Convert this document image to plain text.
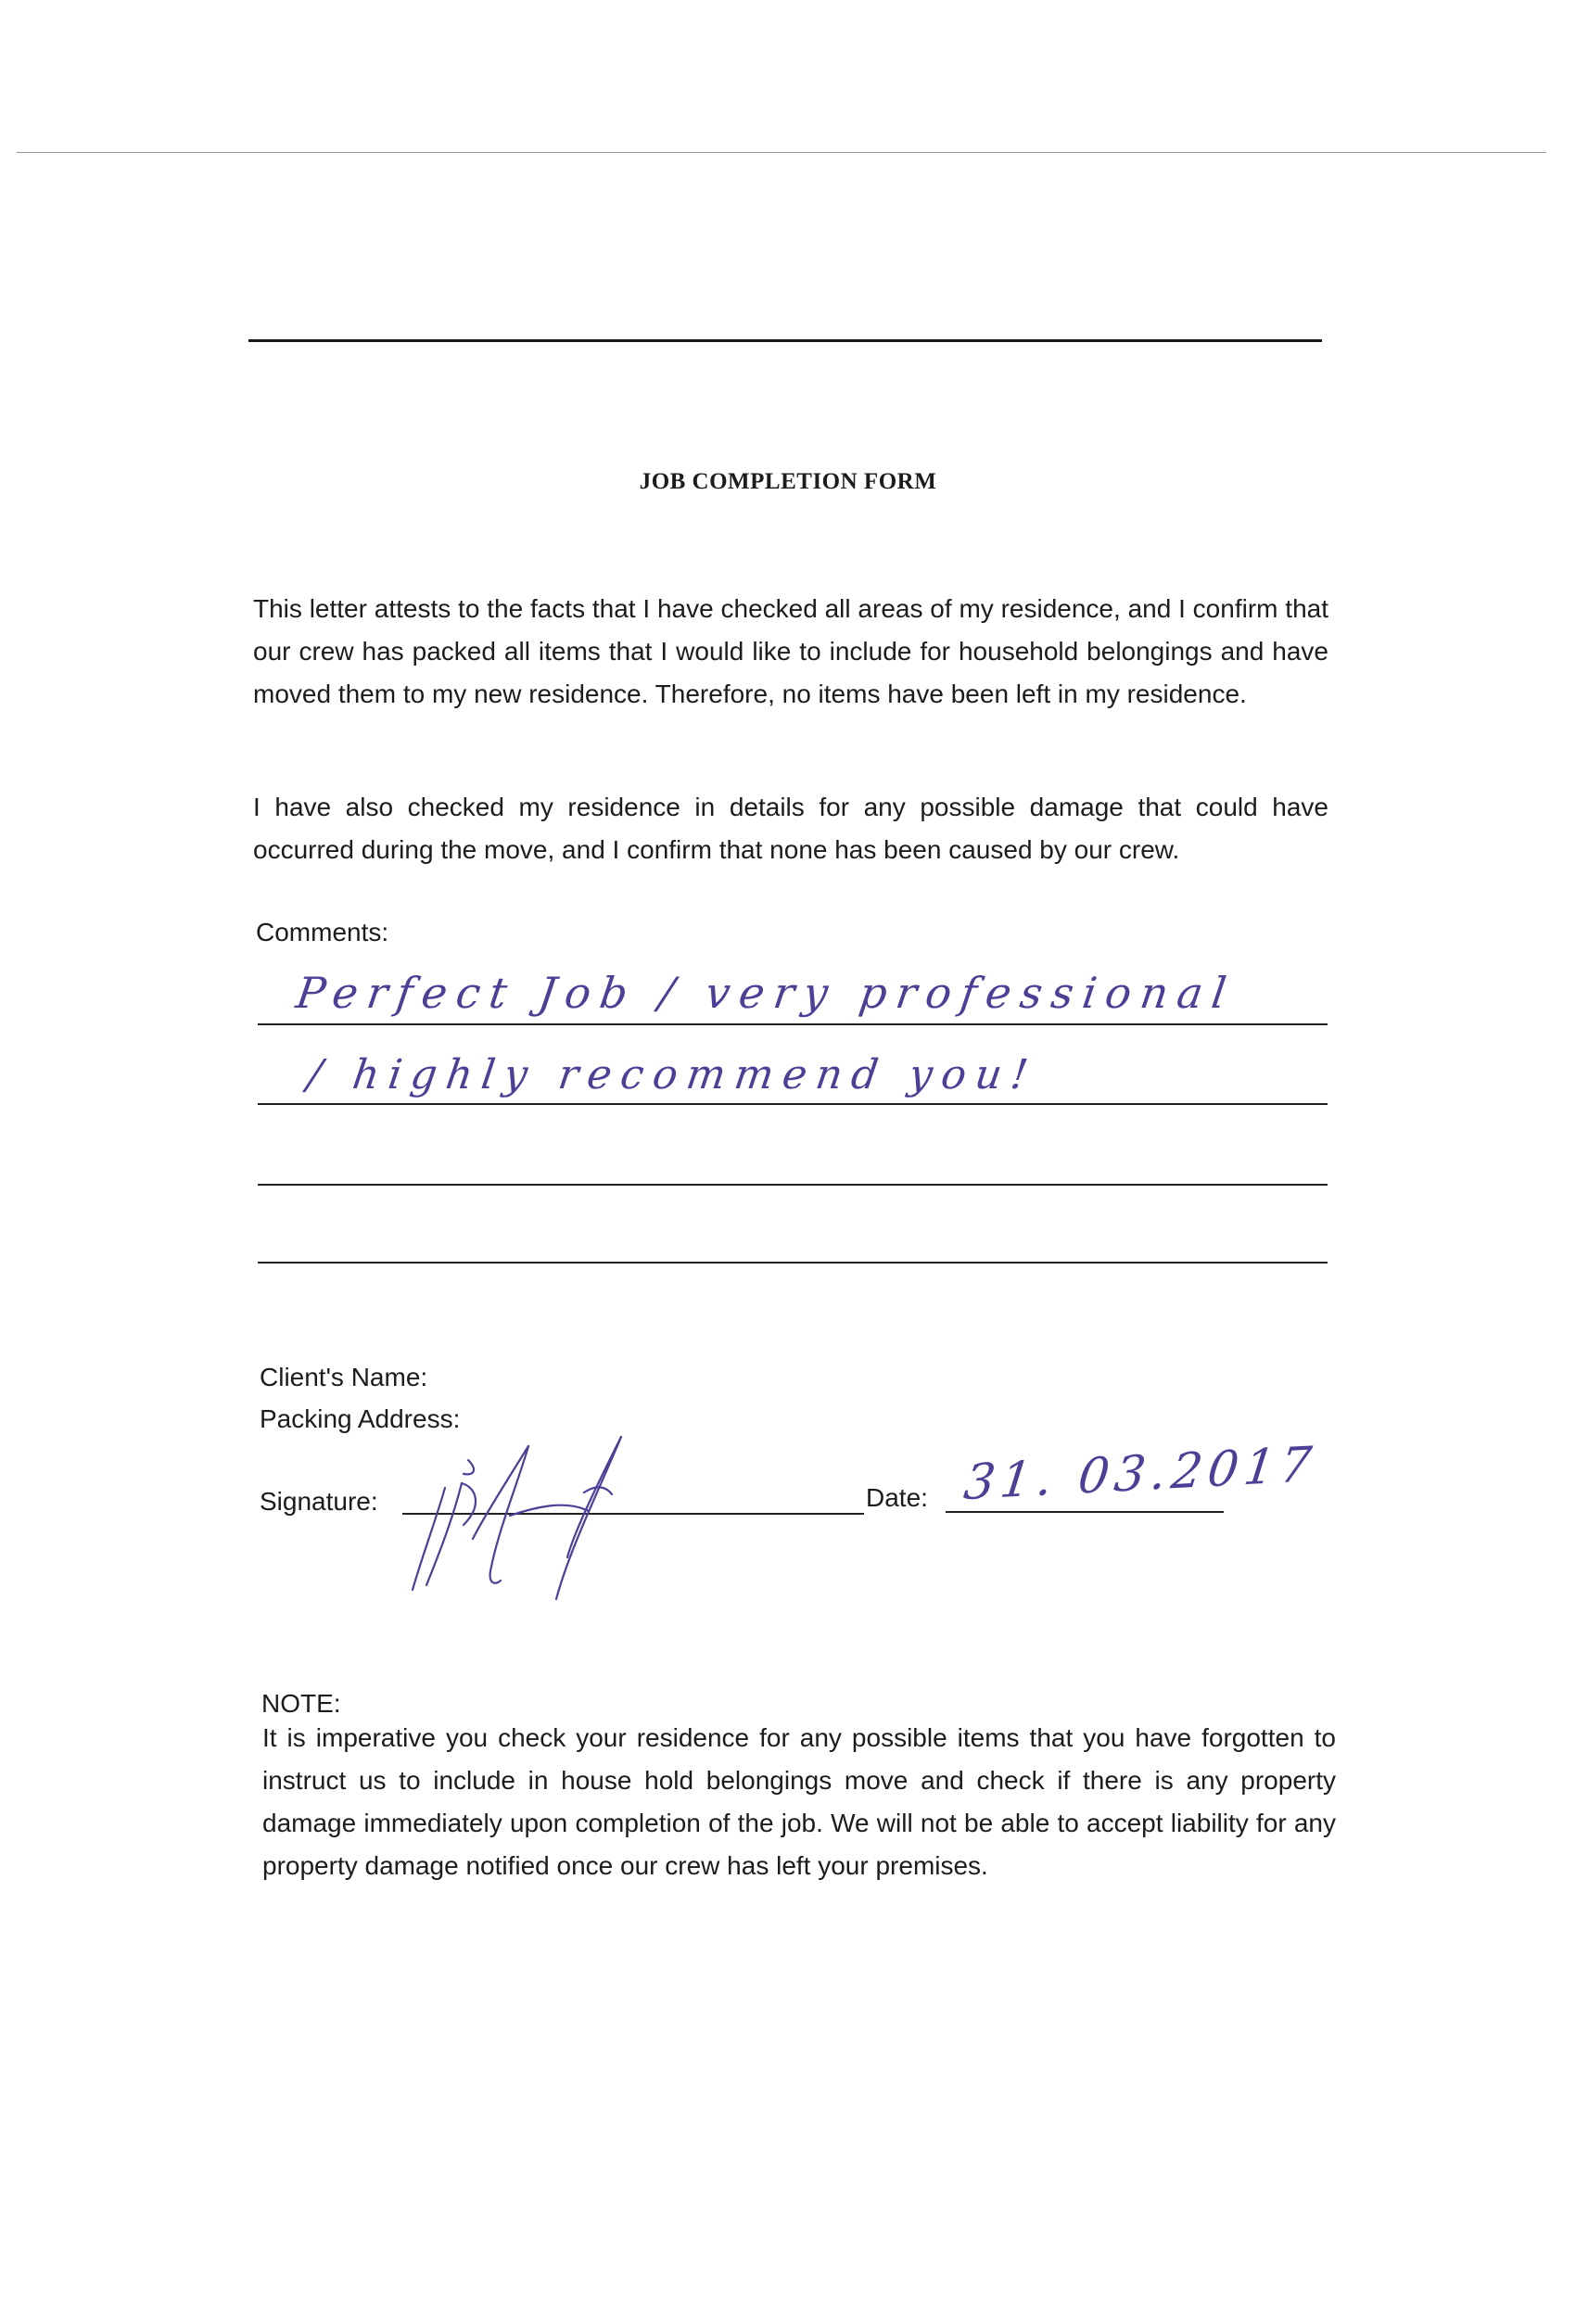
JOB COMPLETION FORM

This letter attests to the facts that I have checked all areas of my residence, and I confirm that our crew has packed all items that I would like to include for household belongings and have moved them to my new residence. Therefore, no items have been left in my residence.

I have also checked my residence in details for any possible damage that could have occurred during the move, and I confirm that none has been caused by our crew.

Comments:

Perfect Job / very professional
/ highly recommend you!

Client's Name:

Packing Address:

Signature:	Date: 31. 03.2017

NOTE:

It is imperative you check your residence for any possible items that you have forgotten to instruct us to include in house hold belongings move and check if there is any property damage immediately upon completion of the job. We will not be able to accept liability for any property damage notified once our crew has left your premises.
